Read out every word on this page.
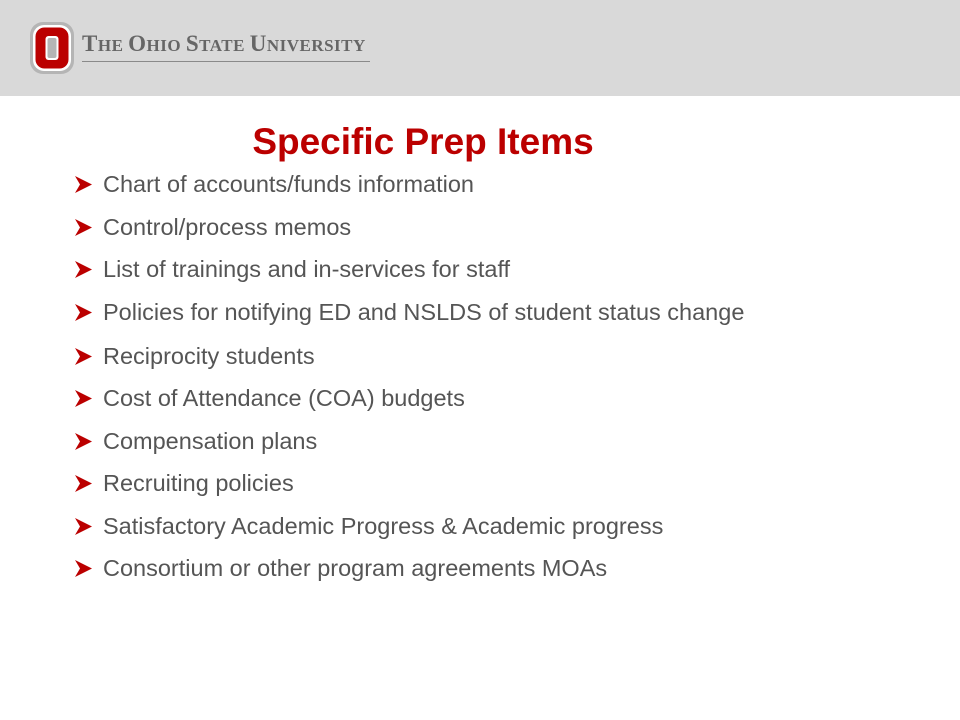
THE OHIO STATE UNIVERSITY
Specific Prep Items
Chart of accounts/funds information
Control/process memos
List of trainings and in-services for staff
Policies for notifying ED and NSLDS of student status change
Reciprocity students
Cost of Attendance (COA) budgets
Compensation plans
Recruiting policies
Satisfactory Academic Progress & Academic progress
Consortium or other program agreements MOAs
